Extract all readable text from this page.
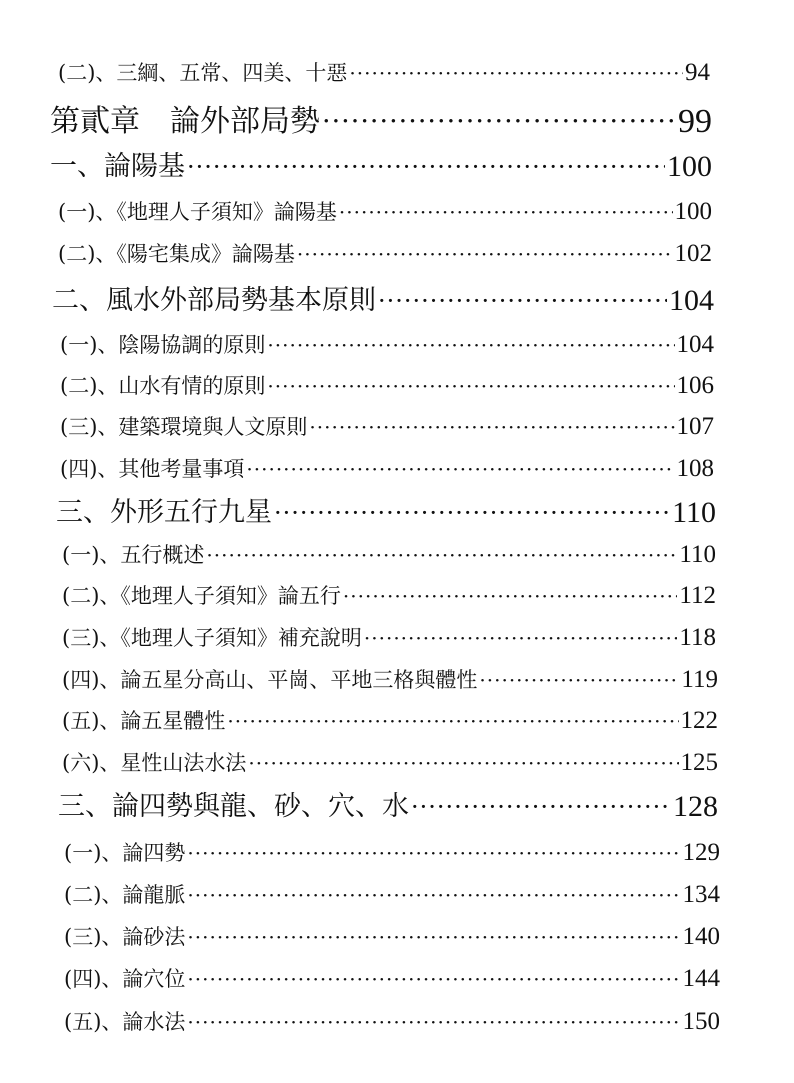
(二)、三綱、五常、四美、十惡 ·····	94
第貳章　論外部局勢 ·····	99
一、論陽基 ·····	100
(一)、《地理人子須知》論陽基 ·····	100
(二)、《陽宅集成》論陽基 ·····	102
二、風水外部局勢基本原則 ·····	104
(一)、陰陽協調的原則 ·····	104
(二)、山水有情的原則 ·····	106
(三)、建築環境與人文原則 ·····	107
(四)、其他考量事項 ·····	108
三、外形五行九星 ·····	110
(一)、五行概述 ·····	110
(二)、《地理人子須知》論五行 ·····	112
(三)、《地理人子須知》補充說明 ·····	118
(四)、論五星分高山、平崗、平地三格與體性 ·····	119
(五)、論五星體性 ·····	122
(六)、星性山法水法 ·····	125
三、論四勢與龍、砂、穴、水 ·····	128
(一)、論四勢 ·····	129
(二)、論龍脈 ·····	134
(三)、論砂法 ·····	140
(四)、論穴位 ·····	144
(五)、論水法 ·····	150
